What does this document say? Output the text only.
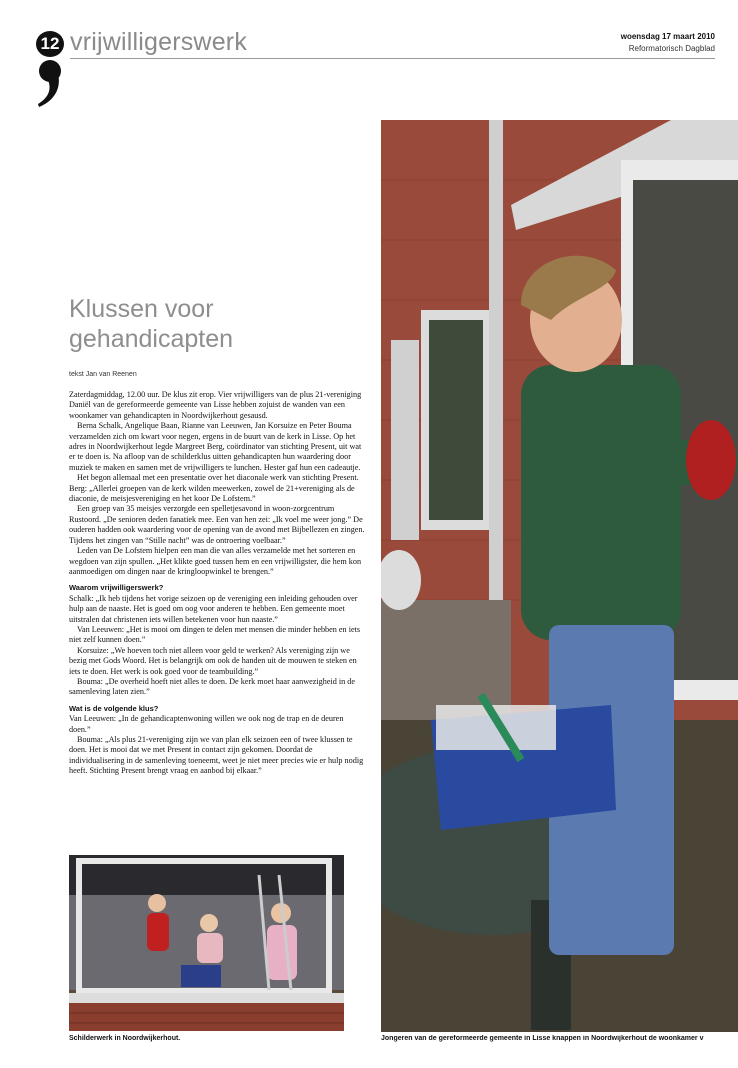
12 vrijwilligerswerk	woensdag 17 maart 2010
Reformatorisch Dagblad
Klussen voor
gehandicapten
tekst Jan van Reenen

Zaterdagmiddag, 12.00 uur. De klus zit erop. Vier vrijwilligers van de plus 21-vereniging Daniël van de gereformeerde gemeente van Lisse hebben zojuist de wanden van een woonkamer van gehandicapten in Noordwijkerhout gesausd.

Berna Schalk, Angelique Baan, Rianne van Leeuwen, Jan Korsuize en Peter Bouma verzamelden zich om kwart voor negen, ergens in de buurt van de kerk in Lisse. Op het adres in Noordwijkerhout legde Margreet Berg, coördinator van stichting Present, uit wat er te doen is. Na afloop van de schilderklus uitten gehandicapten hun waardering door muziek te maken en samen met de vrijwilligers te lunchen. Hester gaf hun een cadeautje.

Het begon allemaal met een presentatie over het diaconale werk van stichting Present. Berg: „Allerlei groepen van de kerk wilden meewerken, zowel de 21+vereniging als de diaconie, de meisjesvereniging en het koor De Lofstem.”

Een groep van 35 meisjes verzorgde een spelletjesavond in woon-zorgcentrum Rustoord. „De senioren deden fanatiek mee. Een van hen zei: „Ik voel me weer jong.” De ouderen hadden ook waardering voor de opening van de avond met Bijbellezen en zingen. Tijdens het zingen van “Stille nacht” was de ontroering voelbaar.”

Leden van De Lofstem hielpen een man die van alles verzamelde met het sorteren en wegdoen van zijn spullen. „Het klikte goed tussen hem en een vrijwilligster, die hem kon aanmoedigen om dingen naar de kringloopwinkel te brengen.”

Waarom vrijwilligerswerk?

Schalk: „Ik heb tijdens het vorige seizoen op de vereniging een inleiding gehouden over hulp aan de naaste. Het is goed om oog voor anderen te hebben. Een gemeente moet uitstralen dat christenen iets willen betekenen voor hun naaste.”

Van Leeuwen: „Het is mooi om dingen te delen met mensen die minder hebben en iets niet zelf kunnen doen.”

Korsuize: „We hoeven toch niet alleen voor geld te werken? Als vereniging zijn we bezig met Gods Woord. Het is belangrijk om ook de handen uit de mouwen te steken en iets te doen. Het werk is ook goed voor de teambuilding.”

Bouma: „De overheid hoeft niet alles te doen. De kerk moet haar aanwezigheid in de samenleving laten zien.”

Wat is de volgende klus?

Van Leeuwen: „In de gehandicaptenwoning willen we ook nog de trap en de deuren doen.”

Bouma: „Als plus 21-vereniging zijn we van plan elk seizoen een of twee klussen te doen. Het is mooi dat we met Present in contact zijn gekomen. Doordat de individualisering in de samenleving toeneemt, weet je niet meer precies wie er hulp nodig heeft. Stichting Present brengt vraag en aanbod bij elkaar.”

Schilderwerk in Noordwijkerhout.	Jongeren van de gereformeerde gemeente in Lisse knappen in Noordwijkerhout de woonkamer v
